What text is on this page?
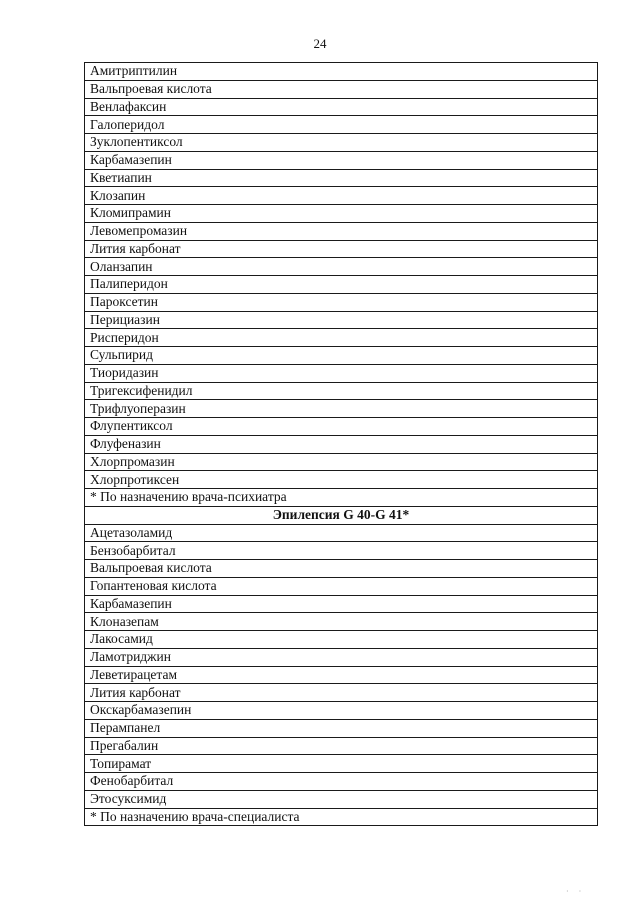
24
Амитриптилин
Вальпроевая кислота
Венлафаксин
Галоперидол
Зуклопентиксол
Карбамазепин
Кветиапин
Клозапин
Кломипрамин
Левомепромазин
Лития карбонат
Оланзапин
Палиперидон
Пароксетин
Перициазин
Рисперидон
Сульпирид
Тиоридазин
Тригексифенидил
Трифлуоперазин
Флупентиксол
Флуфеназин
Хлорпромазин
Хлорпротиксен
* По назначению врача-психиатра
Эпилепсия G 40-G 41*
Ацетазоламид
Бензобарбитал
Вальпроевая кислота
Гопантеновая кислота
Карбамазепин
Клоназепам
Лакосамид
Ламотриджин
Леветирацетам
Лития карбонат
Окскарбамазепин
Перампанел
Прегабалин
Топирамат
Фенобарбитал
Этосуксимид
* По назначению врача-специалиста
· ·
